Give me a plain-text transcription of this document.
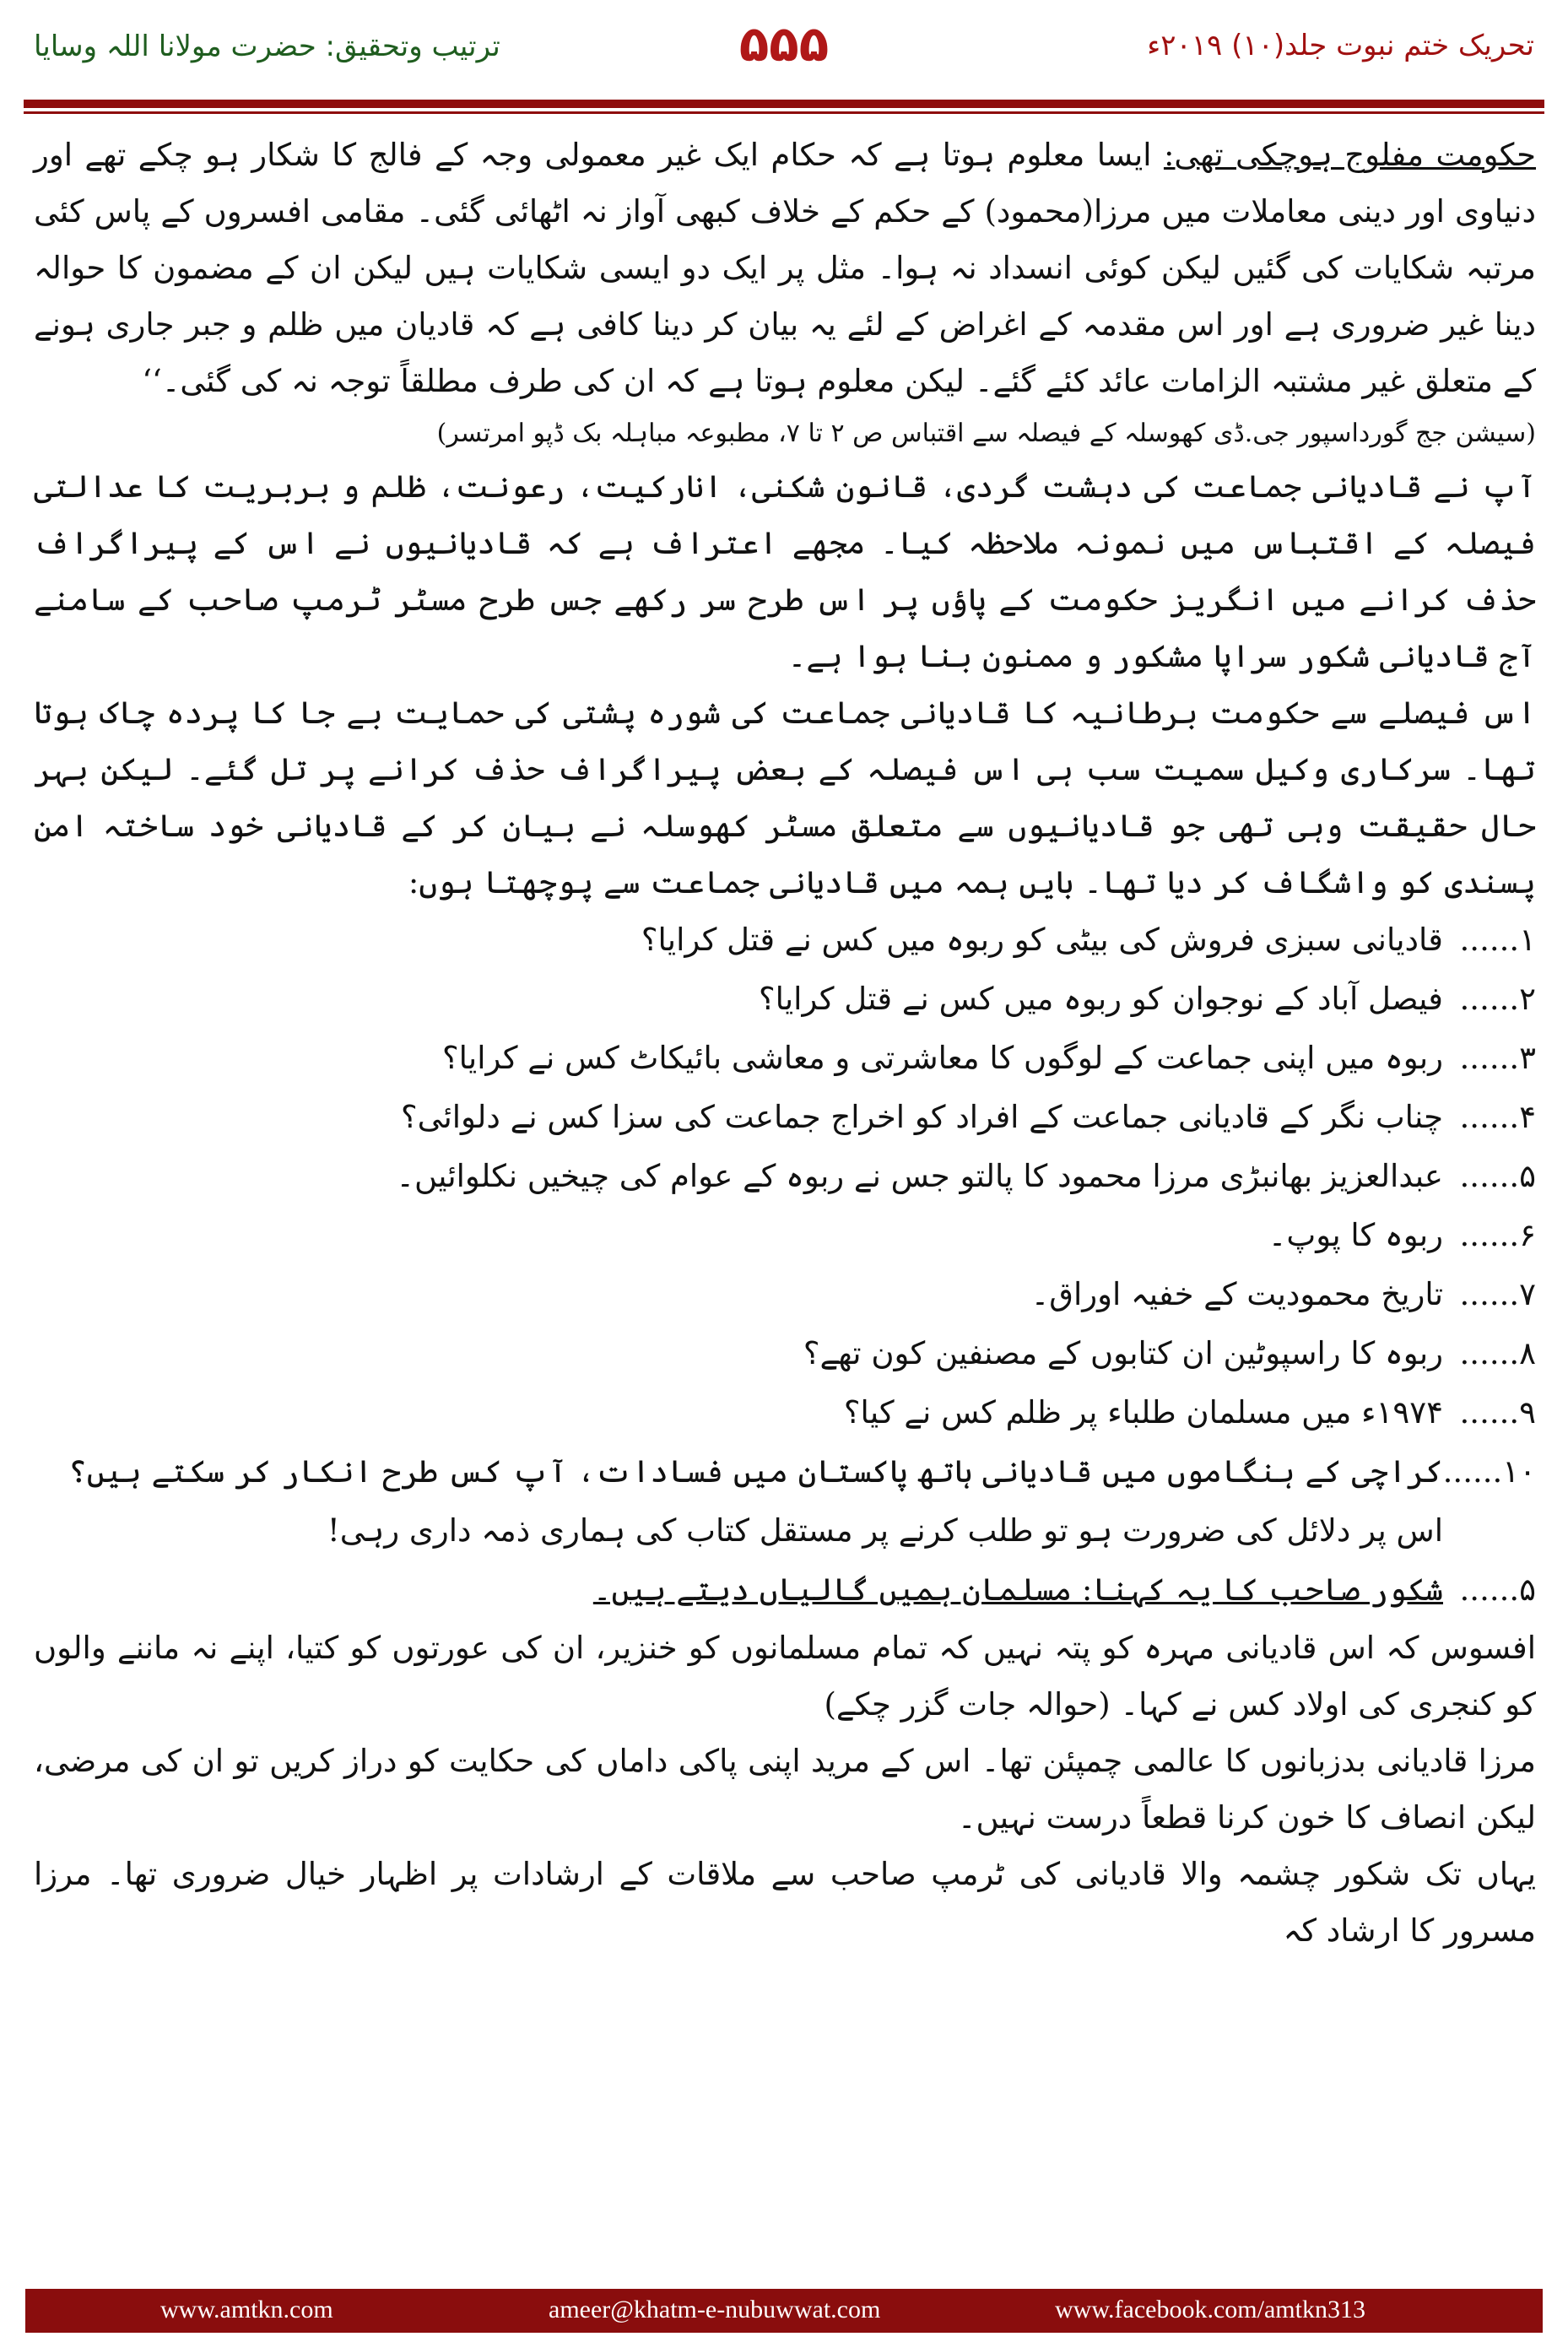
ترتیب وتحقیق: حضرت مولانا اللہ وسایا	۵۵۵	تحریک ختم نبوت جلد(۱۰) ۲۰۱۹ء

حکومت مفلوج ہوچکی تھی: ایسا معلوم ہوتا ہے کہ حکام ایک غیر معمولی وجہ کے فالج کا شکار ہو چکے تھے اور دنیاوی اور دینی معاملات میں مرزا(محمود) کے حکم کے خلاف کبھی آواز نہ اٹھائی گئی۔ مقامی افسروں کے پاس کئی مرتبہ شکایات کی گئیں لیکن کوئی انسداد نہ ہوا۔ مثل پر ایک دو ایسی شکایات ہیں لیکن ان کے مضمون کا حوالہ دینا غیر ضروری ہے اور اس مقدمہ کے اغراض کے لئے یہ بیان کر دینا کافی ہے کہ قادیان میں ظلم و جبر جاری ہونے کے متعلق غیر مشتبہ الزامات عائد کئے گئے۔ لیکن معلوم ہوتا ہے کہ ان کی طرف مطلقاً توجہ نہ کی گئی۔‘‘

(سیشن جج گورداسپور جی.ڈی کھوسلہ کے فیصلہ سے اقتباس ص ۲ تا ۷، مطبوعہ مباہلہ بک ڈپو امرتسر)

آپ نے قادیانی جماعت کی دہشت گردی، قانون شکنی، انارکیت، رعونت، ظلم و بربریت کا عدالتی فیصلہ کے اقتباس میں نمونہ ملاحظہ کیا۔ مجھے اعتراف ہے کہ قادیانیوں نے اس کے پیراگراف حذف کرانے میں انگریز حکومت کے پاؤں پر اس طرح سر رکھے جس طرح مسٹر ٹرمپ صاحب کے سامنے آج قادیانی شکور سراپا مشکور و ممنون بنا ہوا ہے۔

اس فیصلے سے حکومت برطانیہ کا قادیانی جماعت کی شورہ پشتی کی حمایت بے جا کا پردہ چاک ہوتا تھا۔ سرکاری وکیل سمیت سب ہی اس فیصلہ کے بعض پیراگراف حذف کرانے پر تل گئے۔ لیکن بہر حال حقیقت وہی تھی جو قادیانیوں سے متعلق مسٹر کھوسلہ نے بیان کر کے قادیانی خود ساختہ امن پسندی کو واشگاف کر دیا تھا۔ بایں ہمہ میں قادیانی جماعت سے پوچھتا ہوں:

۱......
قادیانی سبزی فروش کی بیٹی کو ربوہ میں کس نے قتل کرایا؟
۲......
فیصل آباد کے نوجوان کو ربوہ میں کس نے قتل کرایا؟
۳......
ربوہ میں اپنی جماعت کے لوگوں کا معاشرتی و معاشی بائیکاٹ کس نے کرایا؟
۴......
چناب نگر کے قادیانی جماعت کے افراد کو اخراج جماعت کی سزا کس نے دلوائی؟
۵......
عبدالعزیز بھانبڑی مرزا محمود کا پالتو جس نے ربوہ کے عوام کی چیخیں نکلوائیں۔
۶......
ربوہ کا پوپ۔
۷......
تاریخ محمودیت کے خفیہ اوراق۔
۸......
ربوہ کا راسپوٹین ان کتابوں کے مصنفین کون تھے؟
۹......
۱۹۷۴ء میں مسلمان طلباء پر ظلم کس نے کیا؟
۱۰......
کراچی کے ہنگاموں میں قادیانی ہاتھ پاکستان میں فسادات، آپ کس طرح انکار کر سکتے ہیں؟
اس پر دلائل کی ضرورت ہو تو طلب کرنے پر مستقل کتاب کی ہماری ذمہ داری رہی!
۵......
شکور صاحب کا یہ کہنا: مسلمان ہمیں گالیاں دیتے ہیں۔

افسوس کہ اس قادیانی مہرہ کو پتہ نہیں کہ تمام مسلمانوں کو خنزیر، ان کی عورتوں کو کتیا، اپنے نہ ماننے والوں کو کنجری کی اولاد کس نے کہا۔ (حوالہ جات گزر چکے)

مرزا قادیانی بدزبانوں کا عالمی چمپئن تھا۔ اس کے مرید اپنی پاکی داماں کی حکایت کو دراز کریں تو ان کی مرضی، لیکن انصاف کا خون کرنا قطعاً درست نہیں۔

یہاں تک شکور چشمہ والا قادیانی کی ٹرمپ صاحب سے ملاقات کے ارشادات پر اظہار خیال ضروری تھا۔ مرزا مسرور کا ارشاد کہ

www.amtkn.com	ameer@khatm-e-nubuwwat.com	www.facebook.com/amtkn313
